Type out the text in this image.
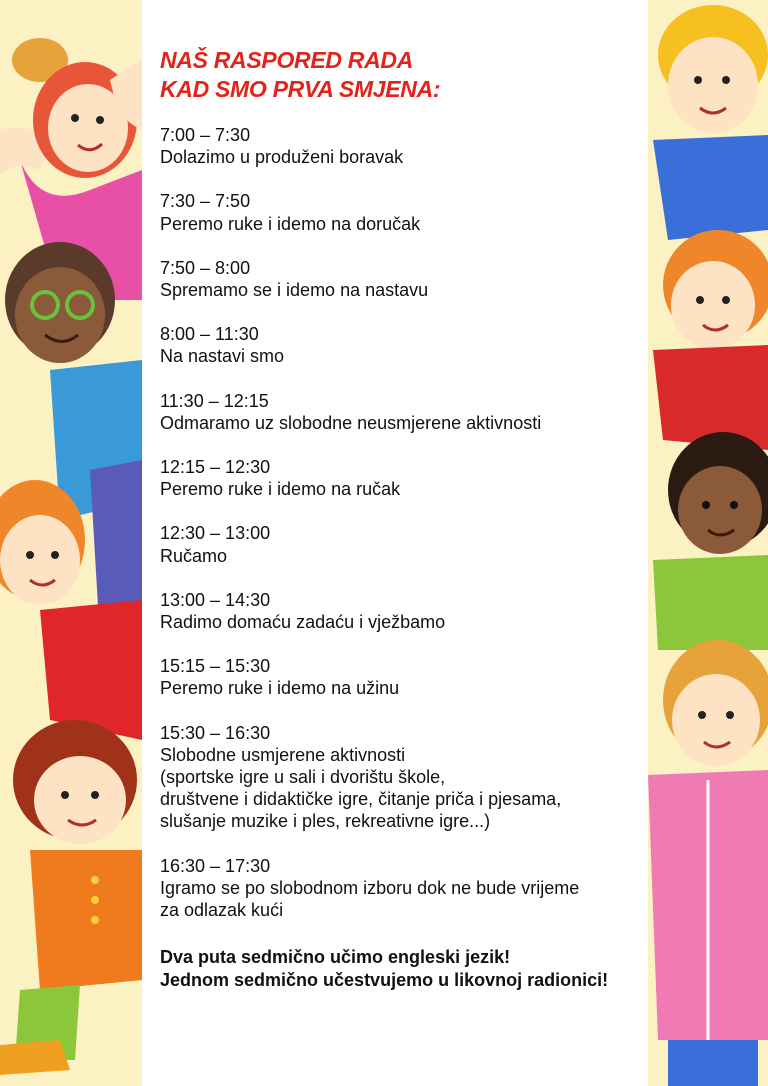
NAŠ RASPORED RADA
KAD SMO PRVA SMJENA:
7:00 – 7:30
Dolazimo u produženi boravak
7:30 – 7:50
Peremo ruke i idemo na doručak
7:50 – 8:00
Spremamo se i idemo na nastavu
8:00 – 11:30
Na nastavi smo
11:30 – 12:15
Odmaramo uz slobodne neusmjerene aktivnosti
12:15 – 12:30
Peremo ruke i idemo na ručak
12:30 – 13:00
Ručamo
13:00 – 14:30
Radimo domaću zadaću i vježbamo
15:15 – 15:30
Peremo ruke i idemo na užinu
15:30 – 16:30
Slobodne usmjerene aktivnosti
(sportske igre u sali i dvorištu škole,
društvene i didaktičke igre, čitanje priča i pjesama,
slušanje muzike i ples, rekreativne igre...)
16:30 – 17:30
Igramo se po slobodnom izboru dok ne bude vrijeme
za odlazak kući
Dva puta sedmično učimo engleski jezik!
Jednom sedmično učestvujemo u likovnoj radionici!
